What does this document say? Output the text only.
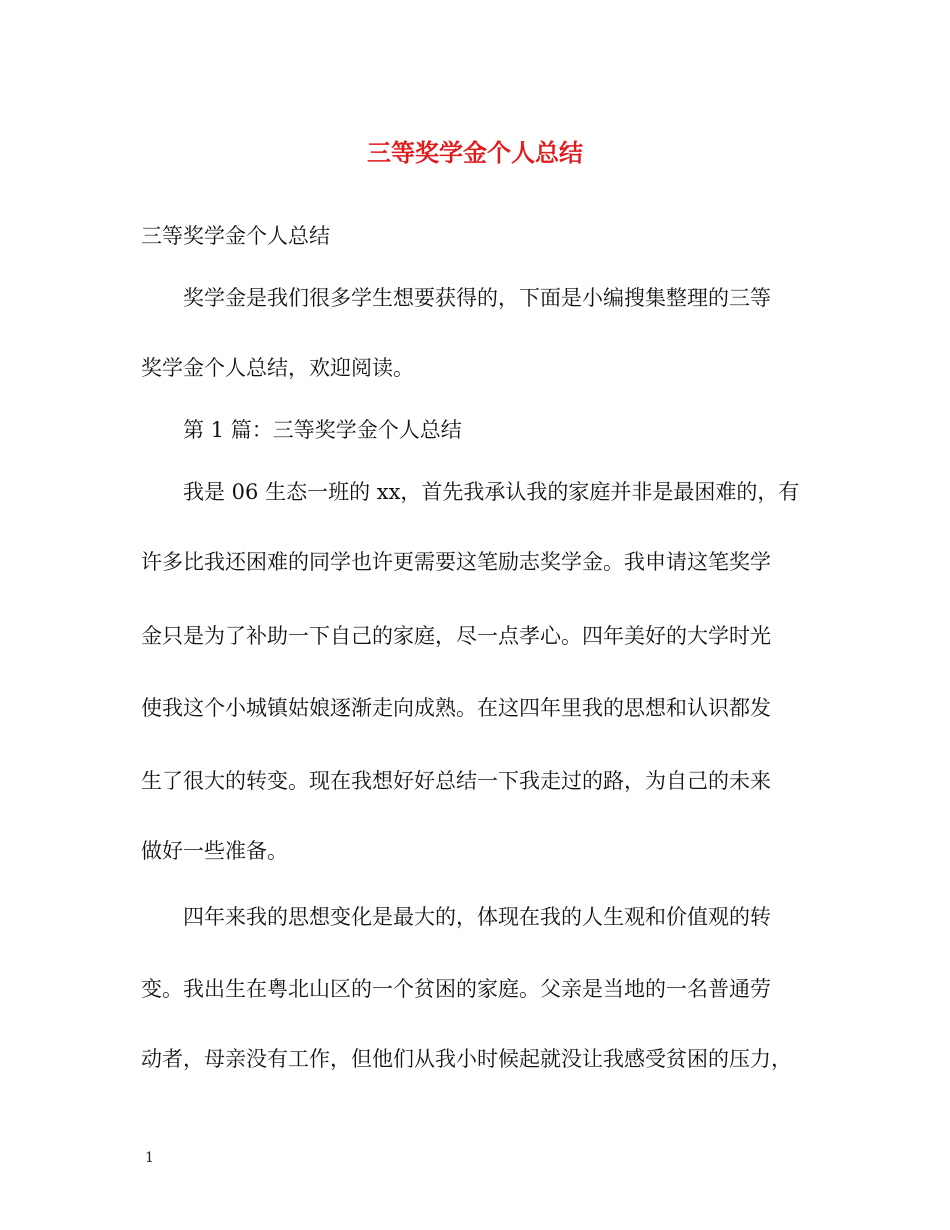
三等奖学金个人总结
三等奖学金个人总结
奖学金是我们很多学生想要获得的，下面是小编搜集整理的三等
奖学金个人总结，欢迎阅读。
第 1 篇：三等奖学金个人总结
我是 06 生态一班的 xx，首先我承认我的家庭并非是最困难的，有
许多比我还困难的同学也许更需要这笔励志奖学金。我申请这笔奖学
金只是为了补助一下自己的家庭，尽一点孝心。四年美好的大学时光
使我这个小城镇姑娘逐渐走向成熟。在这四年里我的思想和认识都发
生了很大的转变。现在我想好好总结一下我走过的路，为自己的未来
做好一些准备。
四年来我的思想变化是最大的，体现在我的人生观和价值观的转
变。我出生在粤北山区的一个贫困的家庭。父亲是当地的一名普通劳
动者，母亲没有工作，但他们从我小时候起就没让我感受贫困的压力，
1
